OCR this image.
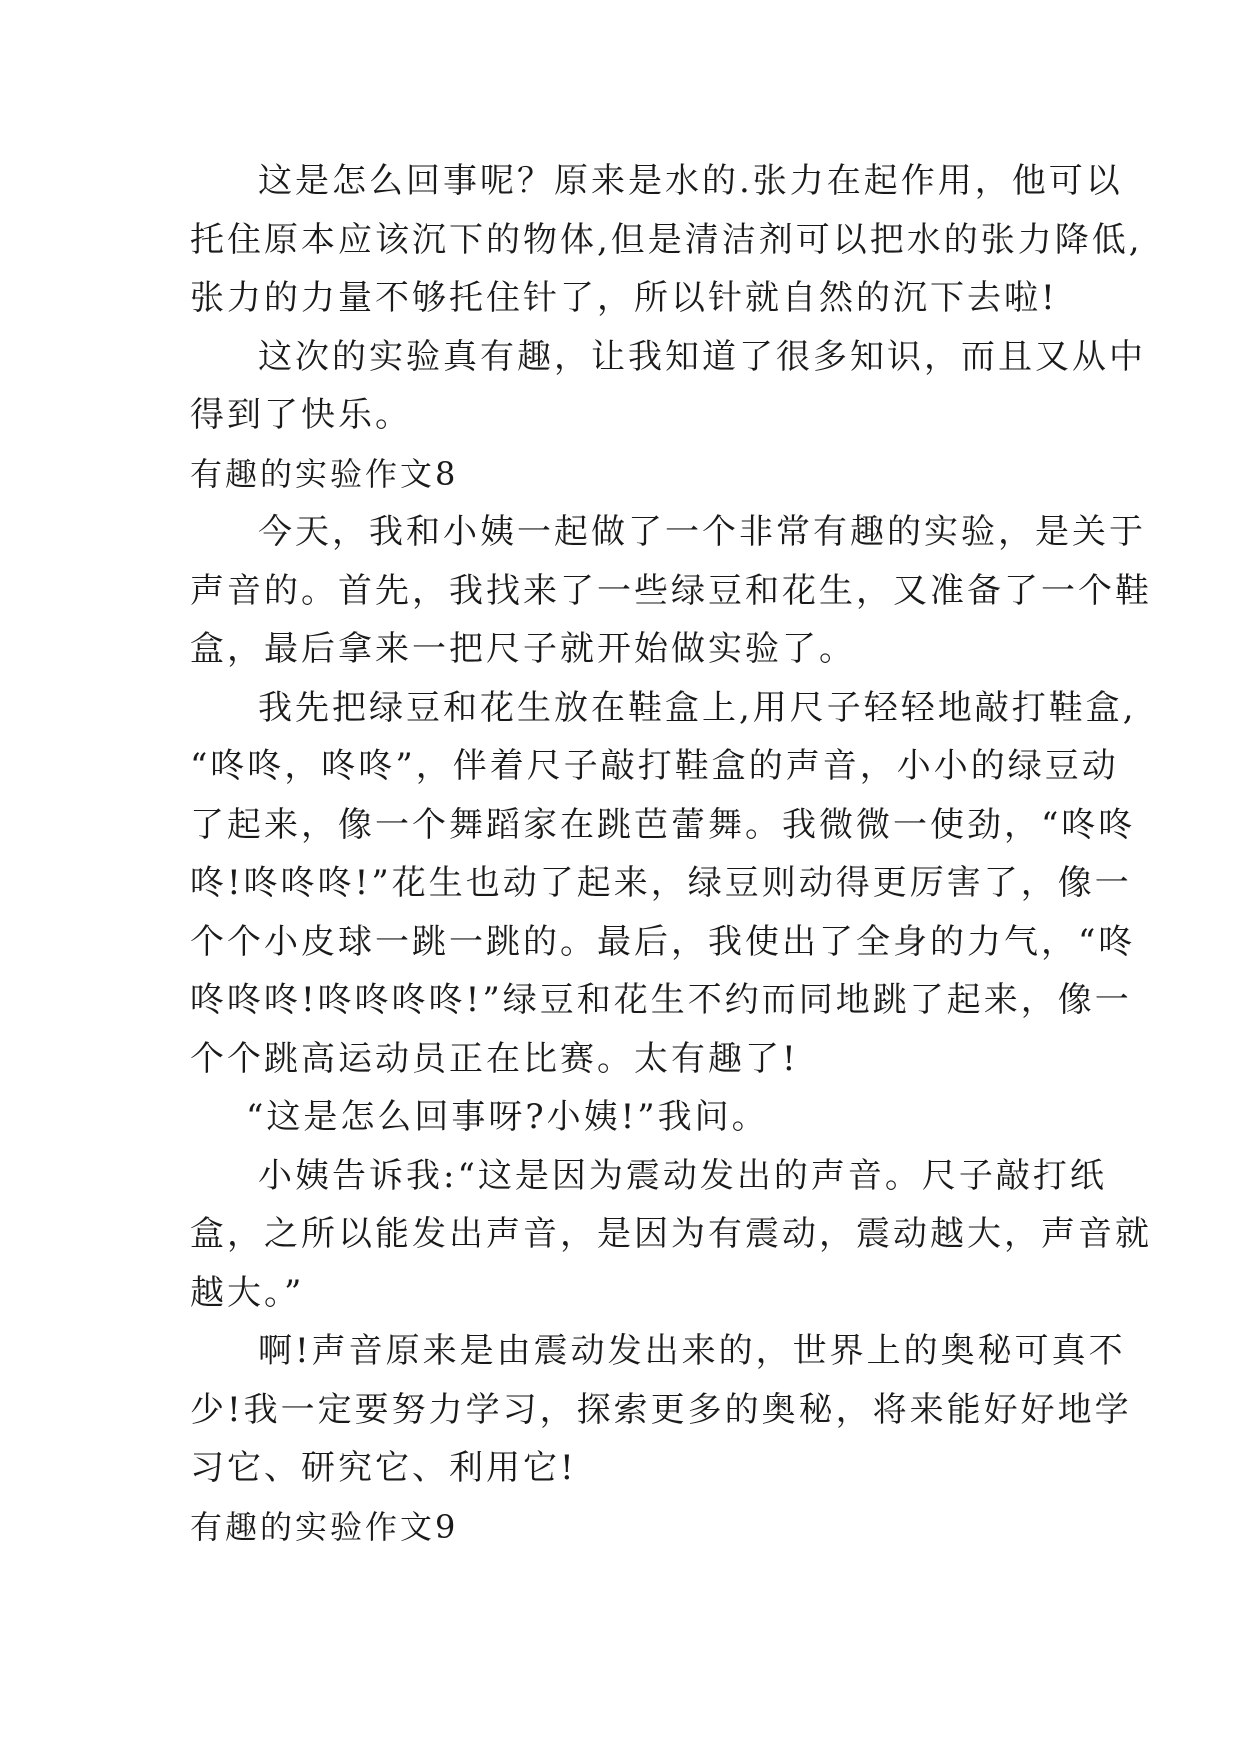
这是怎么回事呢？原来是水的.张力在起作用，他可以
托住原本应该沉下的物体,但是清洁剂可以把水的张力降低,
张力的力量不够托住针了，所以针就自然的沉下去啦!

这次的实验真有趣，让我知道了很多知识，而且又从中
得到了快乐。

有趣的实验作文8

今天，我和小姨一起做了一个非常有趣的实验，是关于
声音的。首先，我找来了一些绿豆和花生，又准备了一个鞋
盒，最后拿来一把尺子就开始做实验了。

我先把绿豆和花生放在鞋盒上,用尺子轻轻地敲打鞋盒,
“咚咚，咚咚”，伴着尺子敲打鞋盒的声音，小小的绿豆动
了起来，像一个舞蹈家在跳芭蕾舞。我微微一使劲，“咚咚
咚!咚咚咚!”花生也动了起来，绿豆则动得更厉害了，像一
个个小皮球一跳一跳的。最后，我使出了全身的力气，“咚
咚咚咚!咚咚咚咚!”绿豆和花生不约而同地跳了起来，像一
个个跳高运动员正在比赛。太有趣了!

“这是怎么回事呀?小姨!”我问。

小姨告诉我:“这是因为震动发出的声音。尺子敲打纸
盒，之所以能发出声音，是因为有震动，震动越大，声音就
越大。”

啊!声音原来是由震动发出来的，世界上的奥秘可真不
少!我一定要努力学习，探索更多的奥秘，将来能好好地学
习它、研究它、利用它!

有趣的实验作文9
